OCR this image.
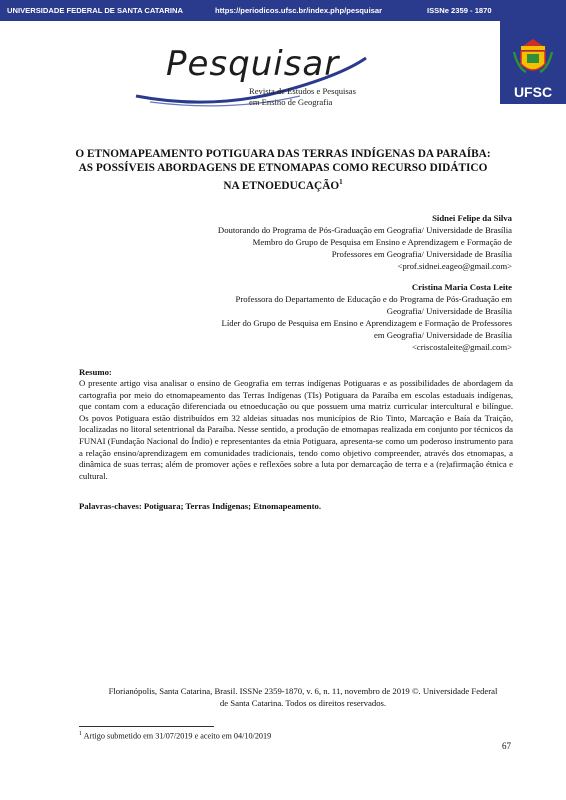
UNIVERSIDADE FEDERAL DE SANTA CATARINA	https://periodicos.ufsc.br/index.php/pesquisar	ISSNe 2359 - 1870
UFSC
Pesquisar
Revista de Estudos e Pesquisas
em Ensino de Geografia
O ETNOMAPEAMENTO POTIGUARA DAS TERRAS INDÍGENAS DA PARAÍBA:
AS POSSÍVEIS ABORDAGENS DE ETNOMAPAS COMO RECURSO DIDÁTICO
NA ETNOEDUCAÇÃO$^1$
Sidnei Felipe da Silva
Doutorando do Programa de Pós-Graduação em Geografia/ Universidade de Brasília
Membro do Grupo de Pesquisa em Ensino e Aprendizagem e Formação de
Professores em Geografia/ Universidade de Brasília
<prof.sidnei.eageo@gmail.com>
Cristina Maria Costa Leite
Professora do Departamento de Educação e do Programa de Pós-Graduação em
Geografia/ Universidade de Brasília
Líder do Grupo de Pesquisa em Ensino e Aprendizagem e Formação de Professores
em Geografia/ Universidade de Brasília
<criscostaleite@gmail.com>
Resumo:
O presente artigo visa analisar o ensino de Geografia em terras indígenas Potiguaras e as possibilidades de abordagem da cartografia por meio do etnomapeamento das Terras Indígenas (TIs) Potiguara da Paraíba em escolas estaduais indígenas, que contam com a educação diferenciada ou etnoeducação ou que possuem uma matriz curricular intercultural e bilíngue. Os povos Potiguara estão distribuídos em 32 aldeias situadas nos municípios de Rio Tinto, Marcação e Baía da Traição, localizadas no litoral setentrional da Paraíba. Nesse sentido, a produção de etnomapas realizada em conjunto por técnicos da FUNAI (Fundação Nacional do Índio) e representantes da etnia Potiguara, apresenta-se como um poderoso instrumento para a relação ensino/aprendizagem em comunidades tradicionais, tendo como objetivo compreender, através dos etnomapas, a dinâmica de suas terras; além de promover ações e reflexões sobre a luta por demarcação de terra e a (re)afirmação étnica e cultural.
Palavras-chaves: Potiguara; Terras Indígenas; Etnomapeamento.
Florianópolis, Santa Catarina, Brasil. ISSNe 2359-1870, v. 6, n. 11, novembro de 2019 ©. Universidade Federal
de Santa Catarina. Todos os direitos reservados.
$^1$ Artigo submetido em 31/07/2019 e aceito em 04/10/2019
67
